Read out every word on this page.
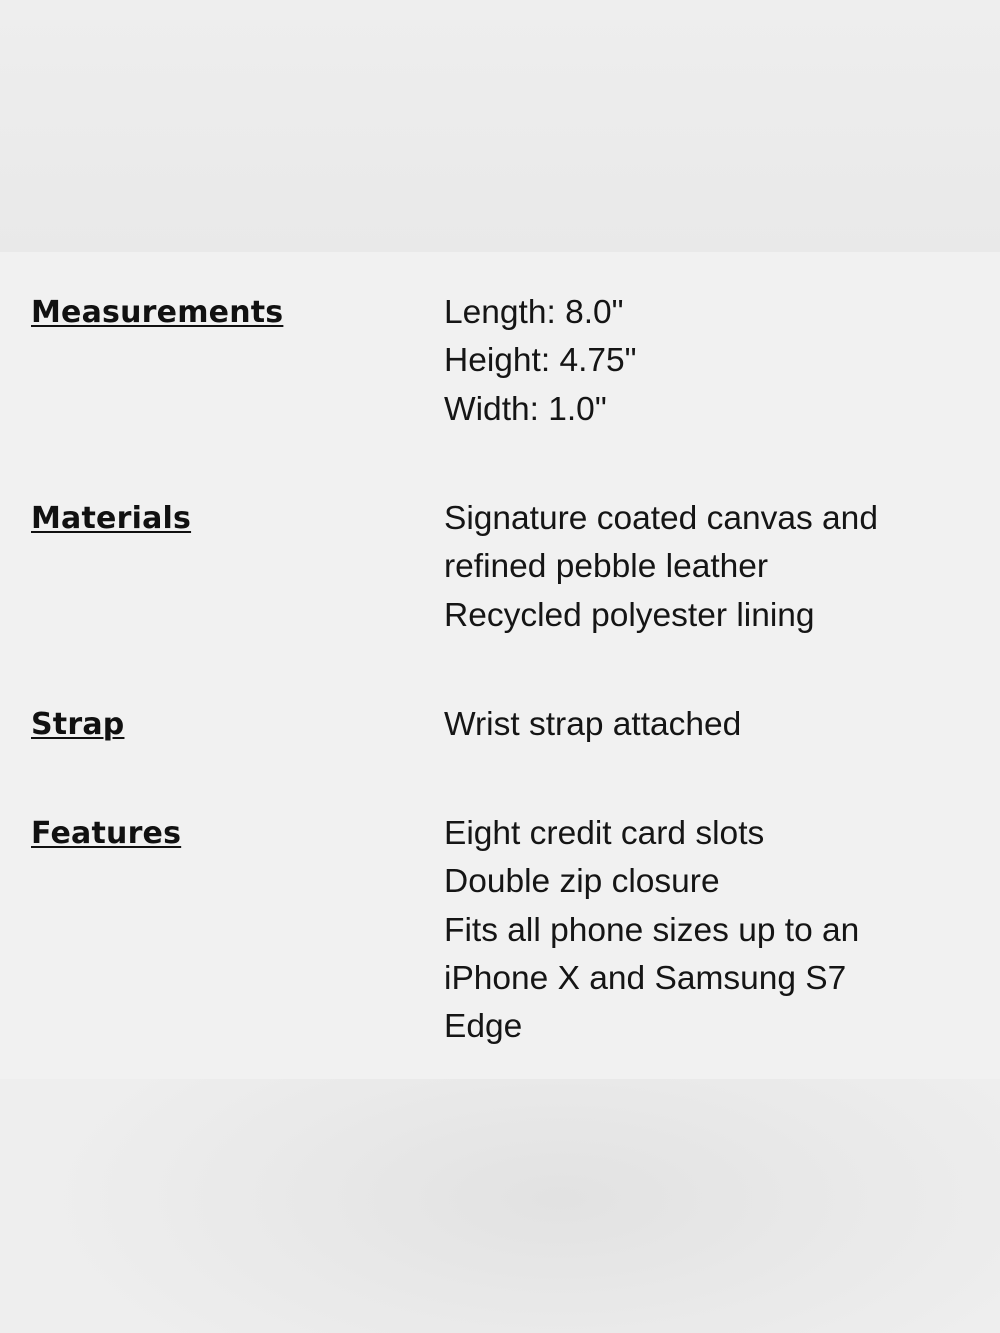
Measurements	Length: 8.0"
Height: 4.75"
Width: 1.0"
Materials	Signature coated canvas and
refined pebble leather
Recycled polyester lining
Strap	Wrist strap attached
Features	Eight credit card slots
Double zip closure
Fits all phone sizes up to an
iPhone X and Samsung S7
Edge
